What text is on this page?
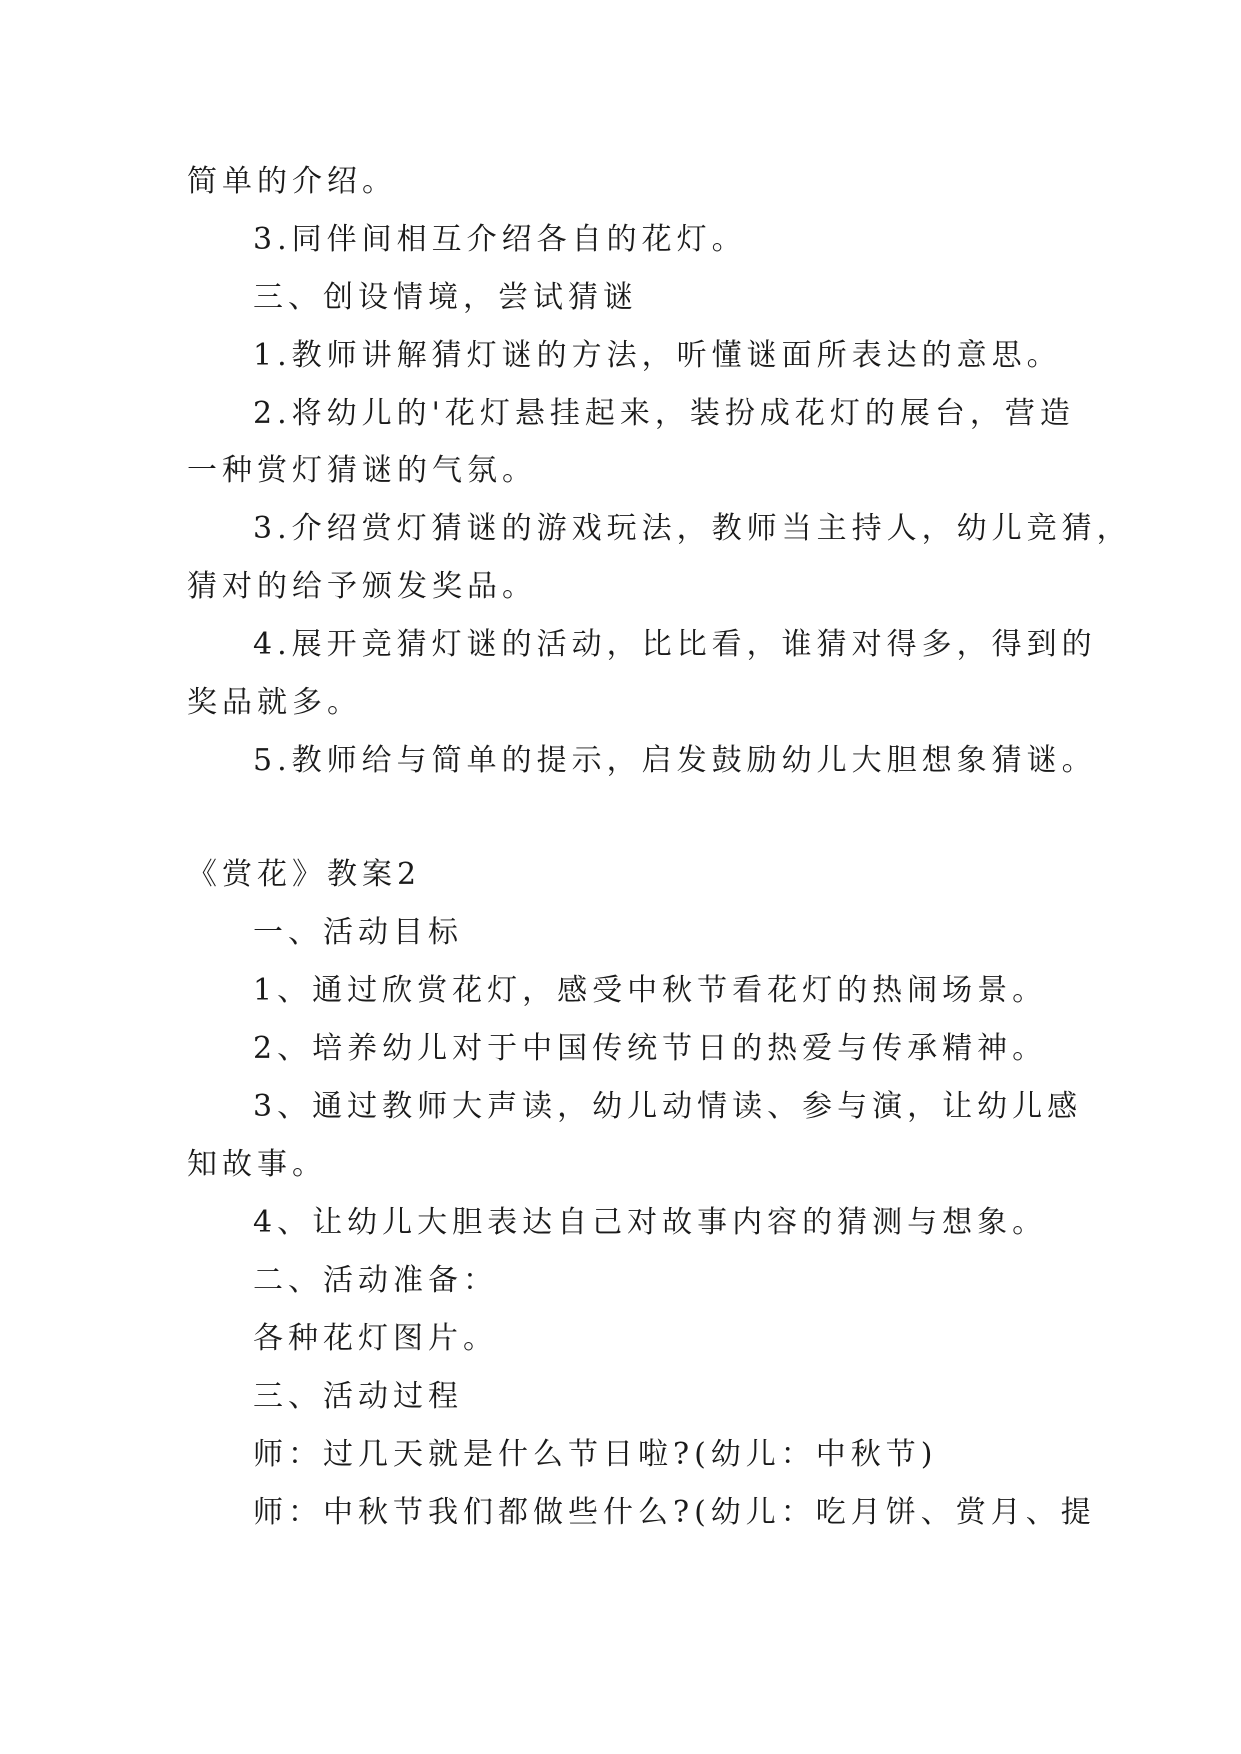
简单的介绍。
3.同伴间相互介绍各自的花灯。
三、创设情境，尝试猜谜
1.教师讲解猜灯谜的方法，听懂谜面所表达的意思。
2.将幼儿的'花灯悬挂起来，装扮成花灯的展台，营造
一种赏灯猜谜的气氛。
3.介绍赏灯猜谜的游戏玩法，教师当主持人，幼儿竞猜，
猜对的给予颁发奖品。
4.展开竞猜灯谜的活动，比比看，谁猜对得多，得到的
奖品就多。
5.教师给与简单的提示，启发鼓励幼儿大胆想象猜谜。
《赏花》教案2
一、活动目标
1、通过欣赏花灯，感受中秋节看花灯的热闹场景。
2、培养幼儿对于中国传统节日的热爱与传承精神。
3、通过教师大声读，幼儿动情读、参与演，让幼儿感
知故事。
4、让幼儿大胆表达自己对故事内容的猜测与想象。
二、活动准备：
各种花灯图片。
三、活动过程
师：过几天就是什么节日啦?(幼儿：中秋节)
师：中秋节我们都做些什么?(幼儿：吃月饼、赏月、提
